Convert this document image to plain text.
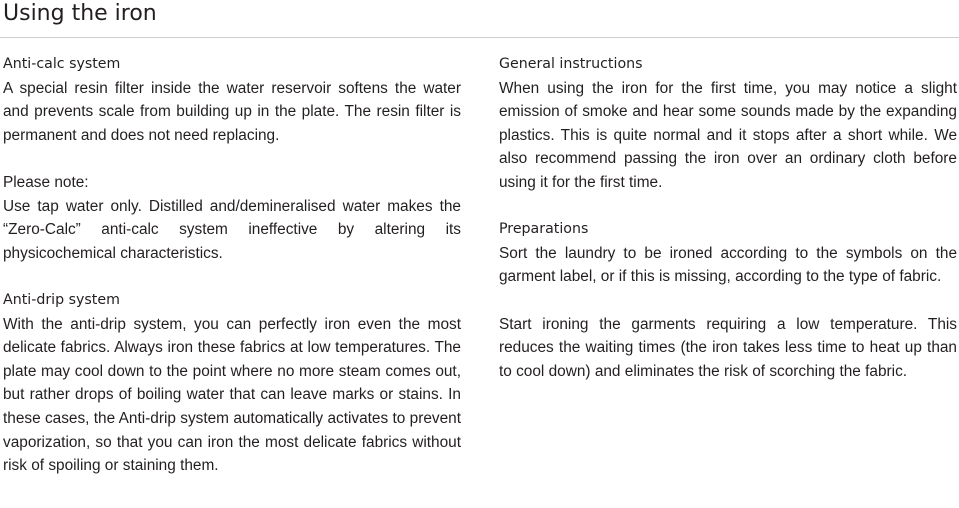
Using the iron

Anti-calc system

A special resin filter inside the water reservoir softens the water and prevents scale from building up in the plate. The resin filter is permanent and does not need replacing.

Please note:

Use tap water only. Distilled and/demineralised water makes the “Zero-Calc” anti-calc system ineffective by altering its physicochemical characteristics.

Anti-drip system

With the anti-drip system, you can perfectly iron even the most delicate fabrics. Always iron these fabrics at low temperatures. The plate may cool down to the point where no more steam comes out, but rather drops of boiling water that can leave marks or stains. In these cases, the Anti-drip system automatically activates to prevent vaporization, so that you can iron the most delicate fabrics without risk of spoiling or staining them.

General instructions

When using the iron for the first time, you may notice a slight emission of smoke and hear some sounds made by the expanding plastics. This is quite normal and it stops after a short while. We also recommend passing the iron over an ordinary cloth before using it for the first time.

Preparations

Sort the laundry to be ironed according to the symbols on the garment label, or if this is missing, according to the type of fabric.

Start ironing the garments requiring a low temperature. This reduces the waiting times (the iron takes less time to heat up than to cool down) and eliminates the risk of scorching the fabric.
